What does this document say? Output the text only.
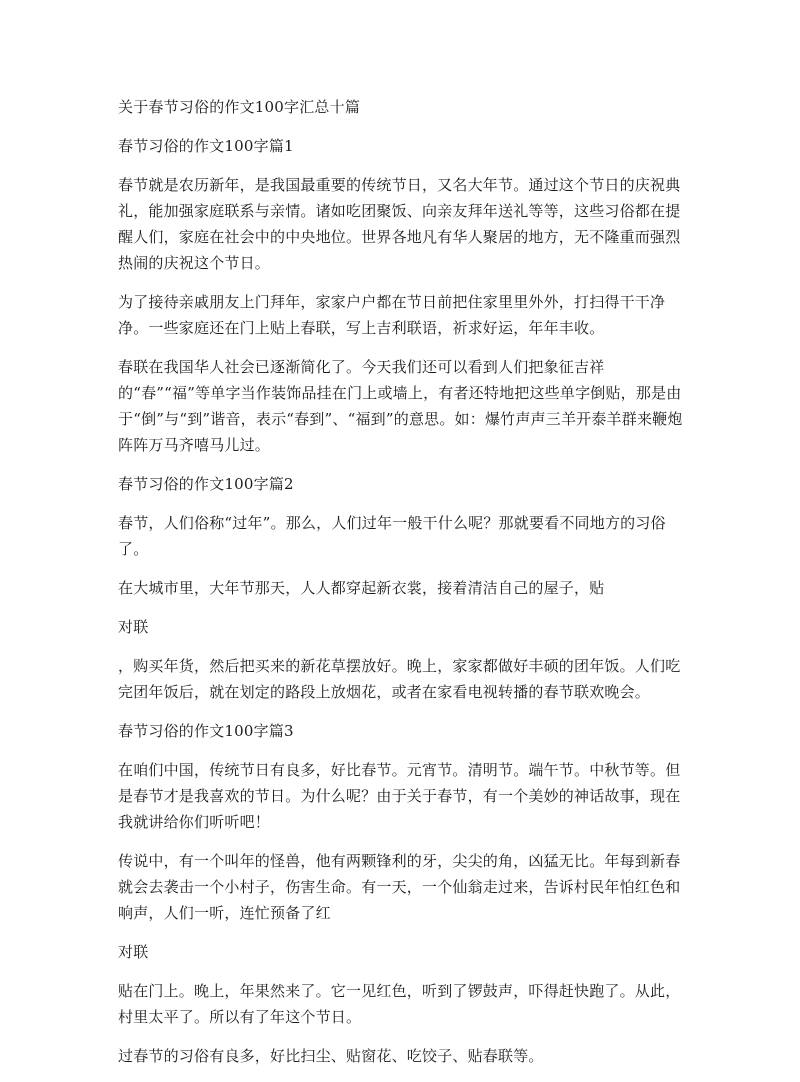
关于春节习俗的作文100字汇总十篇

春节习俗的作文100字篇1

春节就是农历新年，是我国最重要的传统节日，又名大年节。通过这个节日的庆祝典礼，能加强家庭联系与亲情。诸如吃团聚饭、向亲友拜年送礼等等，这些习俗都在提醒人们，家庭在社会中的中央地位。世界各地凡有华人聚居的地方，无不隆重而强烈热闹的庆祝这个节日。

为了接待亲戚朋友上门拜年，家家户户都在节日前把住家里里外外，打扫得干干净净。一些家庭还在门上贴上春联，写上吉利联语，祈求好运，年年丰收。

春联在我国华人社会已逐渐简化了。今天我们还可以看到人们把象征吉祥的“春”“福”等单字当作装饰品挂在门上或墙上，有者还特地把这些单字倒贴，那是由于“倒”与“到”谐音，表示“春到”、“福到”的意思。如：爆竹声声三羊开泰羊群来鞭炮阵阵万马齐嘻马儿过。

春节习俗的作文100字篇2

春节，人们俗称“过年”。那么，人们过年一般干什么呢？那就要看不同地方的习俗了。

在大城市里，大年节那天，人人都穿起新衣裳，接着清洁自己的屋子，贴

对联

，购买年货，然后把买来的新花草摆放好。晚上，家家都做好丰硕的团年饭。人们吃完团年饭后，就在划定的路段上放烟花，或者在家看电视转播的春节联欢晚会。

春节习俗的作文100字篇3

在咱们中国，传统节日有良多，好比春节。元宵节。清明节。端午节。中秋节等。但是春节才是我喜欢的节日。为什么呢？由于关于春节，有一个美妙的神话故事，现在我就讲给你们听听吧！

传说中，有一个叫年的怪兽，他有两颗锋利的牙，尖尖的角，凶猛无比。年每到新春就会去袭击一个小村子，伤害生命。有一天，一个仙翁走过来，告诉村民年怕红色和响声，人们一听，连忙预备了红

对联

贴在门上。晚上，年果然来了。它一见红色，听到了锣鼓声，吓得赶快跑了。从此，村里太平了。所以有了年这个节日。

过春节的习俗有良多，好比扫尘、贴窗花、吃饺子、贴春联等。
